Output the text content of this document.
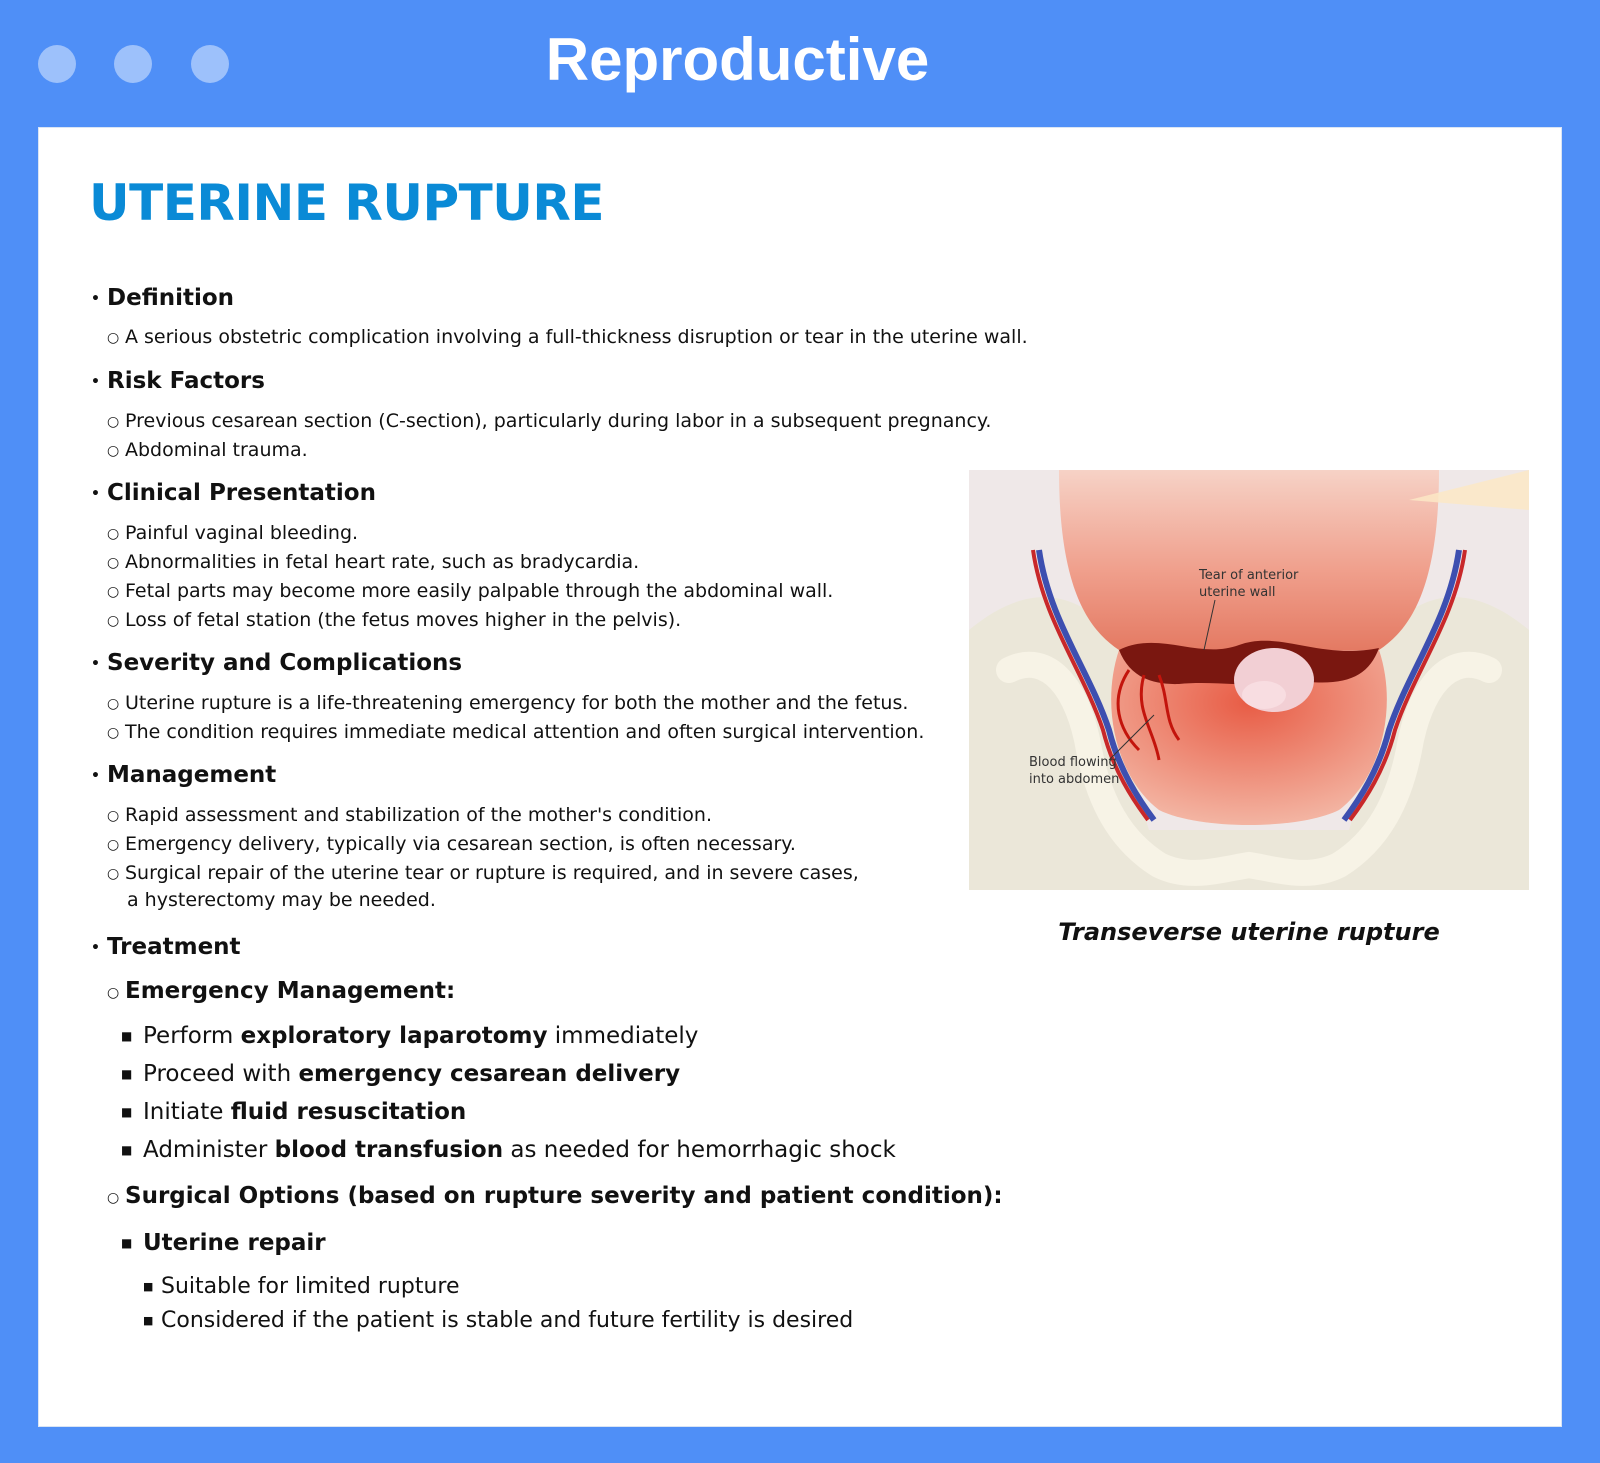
Reproductive
UTERINE RUPTURE

• Definition

○ A serious obstetric complication involving a full-thickness disruption or tear in the uterine wall.

• Risk Factors

○ Previous cesarean section (C-section), particularly during labor in a subsequent pregnancy.

○ Abdominal trauma.

• Clinical Presentation

○ Painful vaginal bleeding.

○ Abnormalities in fetal heart rate, such as bradycardia.

○ Fetal parts may become more easily palpable through the abdominal wall.

○ Loss of fetal station (the fetus moves higher in the pelvis).

• Severity and Complications

○ Uterine rupture is a life-threatening emergency for both the mother and the fetus.

○ The condition requires immediate medical attention and often surgical intervention.

• Management

○ Rapid assessment and stabilization of the mother's condition.

○ Emergency delivery, typically via cesarean section, is often necessary.

○ Surgical repair of the uterine tear or rupture is required, and in severe cases,

a hysterectomy may be needed.

• Treatment

○ Emergency Management:

■ Perform exploratory laparotomy immediately

■ Proceed with emergency cesarean delivery

■ Initiate fluid resuscitation

■ Administer blood transfusion as needed for hemorrhagic shock

○ Surgical Options (based on rupture severity and patient condition):

■ Uterine repair

■ Suitable for limited rupture

■ Considered if the patient is stable and future fertility is desired

Tear of anterior
uterine wall
Blood flowing
into abdomen
Transeverse uterine rupture
